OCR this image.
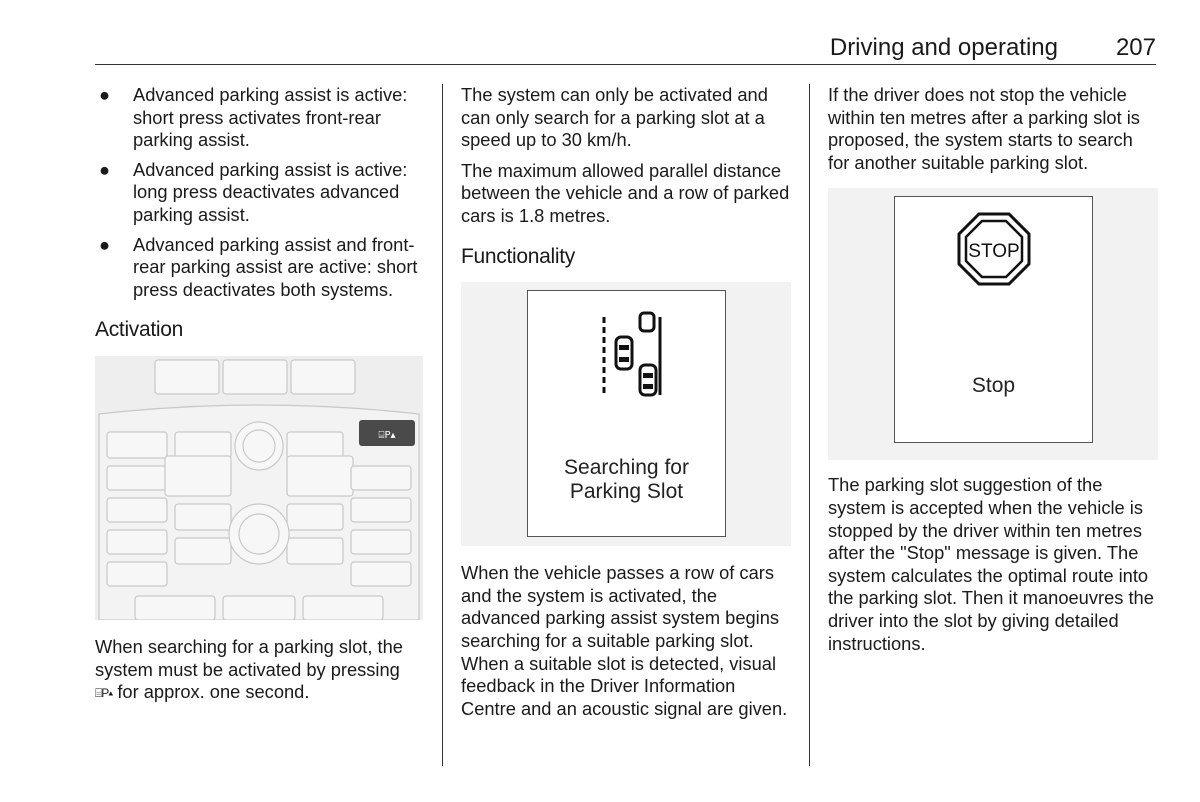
Driving and operating 207
● Advanced parking assist is active: short press activates front-rear parking assist.
● Advanced parking assist is active: long press deactivates advanced parking assist.
● Advanced parking assist and front-rear parking assist are active: short press deactivates both systems.
Activation
⌸P▴

When searching for a parking slot, the system must be activated by pressing
⌸P▴ for approx. one second.

The system can only be activated and can only search for a parking slot at a speed up to 30 km/h.

The maximum allowed parallel distance between the vehicle and a row of parked cars is 1.8 metres.

Functionality
Searching for
Parking Slot

When the vehicle passes a row of cars and the system is activated, the advanced parking assist system begins searching for a suitable parking slot. When a suitable slot is detected, visual feedback in the Driver Information Centre and an acoustic signal are given.

If the driver does not stop the vehicle within ten metres after a parking slot is proposed, the system starts to search for another suitable parking slot.

STOP
Stop

The parking slot suggestion of the system is accepted when the vehicle is stopped by the driver within ten metres after the "Stop" message is given. The system calculates the optimal route into the parking slot. Then it manoeuvres the driver into the slot by giving detailed instructions.
